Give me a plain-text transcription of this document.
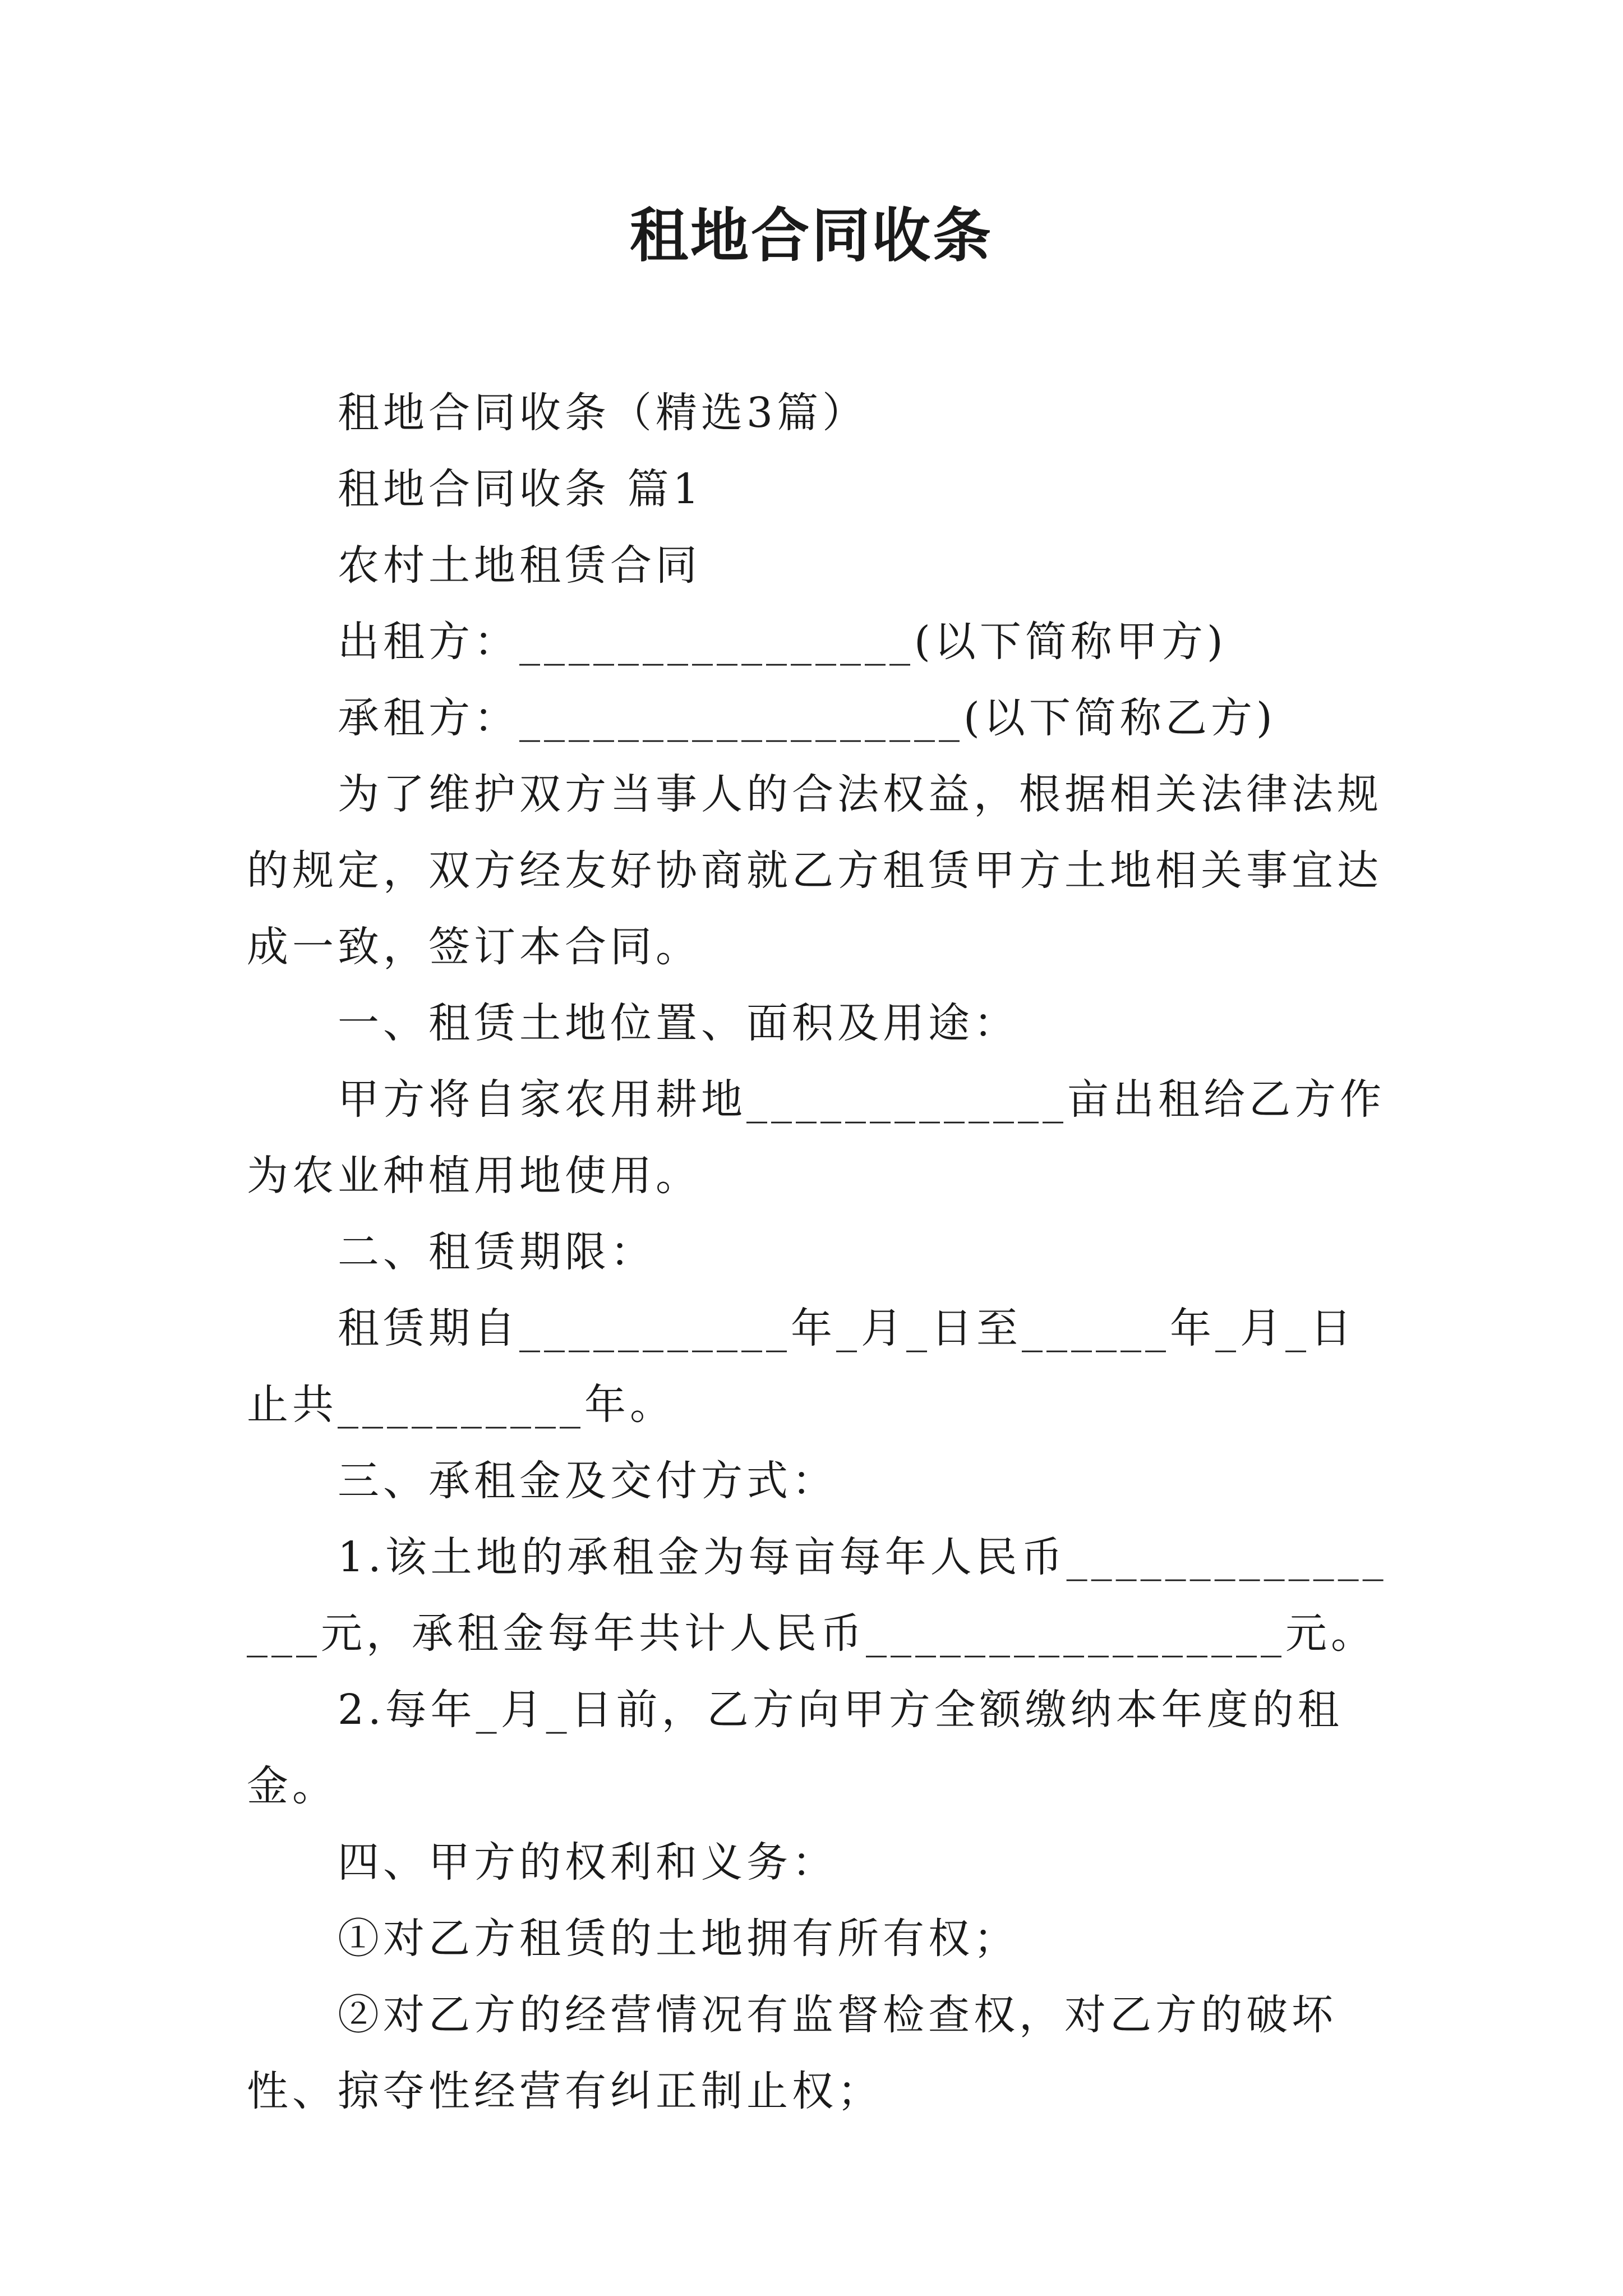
租地合同收条

租地合同收条（精选3篇）

租地合同收条 篇1

农村土地租赁合同

出租方：________________(以下简称甲方)

承租方：__________________(以下简称乙方)

为了维护双方当事人的合法权益，根据相关法律法规的规定，双方经友好协商就乙方租赁甲方土地相关事宜达成一致，签订本合同。

一、租赁土地位置、面积及用途：

甲方将自家农用耕地_____________亩出租给乙方作为农业种植用地使用。

二、租赁期限：

租赁期自___________年_月_日至______年_月_日止共__________年。

三、承租金及交付方式：

1.该土地的承租金为每亩每年人民币________________元，承租金每年共计人民币_________________元。

2.每年_月_日前，乙方向甲方全额缴纳本年度的租金。

四、甲方的权利和义务：

①对乙方租赁的土地拥有所有权；

②对乙方的经营情况有监督检查权，对乙方的破坏性、掠夺性经营有纠正制止权；
